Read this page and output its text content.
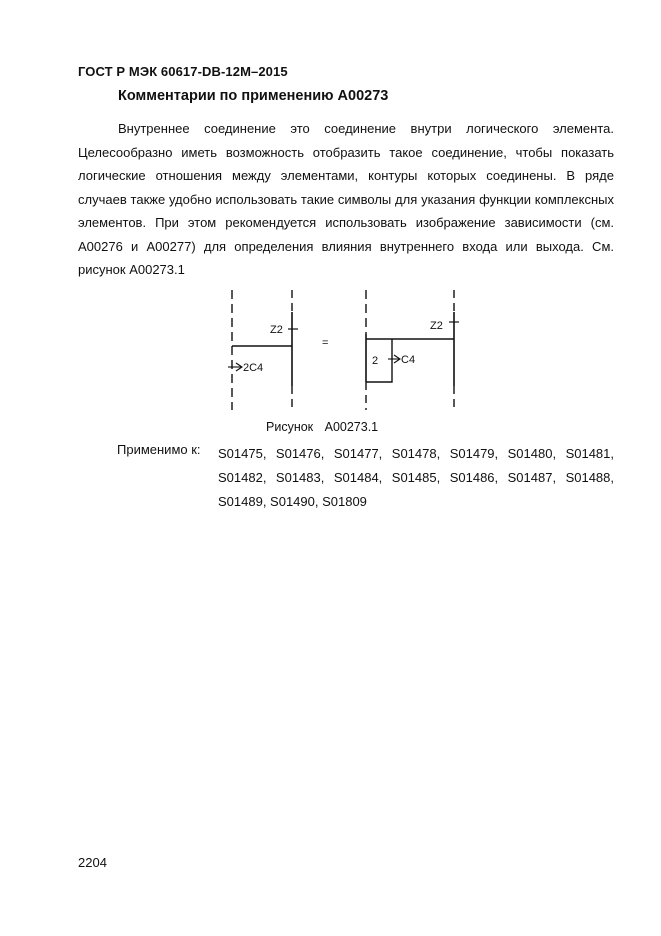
ГОСТ Р МЭК 60617-DB-12M–2015
Комментарии по применению A00273
Внутреннее соединение это соединение внутри логического элемента. Целесообразно иметь возможность отобразить такое соединение, чтобы показать логические отношения между элементами, контуры которых соединены. В ряде случаев также удобно использовать такие символы для указания функции комплексных элементов. При этом рекомендуется использовать изображение зависимости (см. A00276 и A00277) для определения влияния внутреннего входа или выхода. См. рисунок A00273.1
Z2
2C4
=
Z2
2 C4
Рисунок A00273.1
Применимо к: S01475, S01476, S01477, S01478, S01479, S01480, S01481, S01482, S01483, S01484, S01485, S01486, S01487, S01488, S01489, S01490, S01809
2204
